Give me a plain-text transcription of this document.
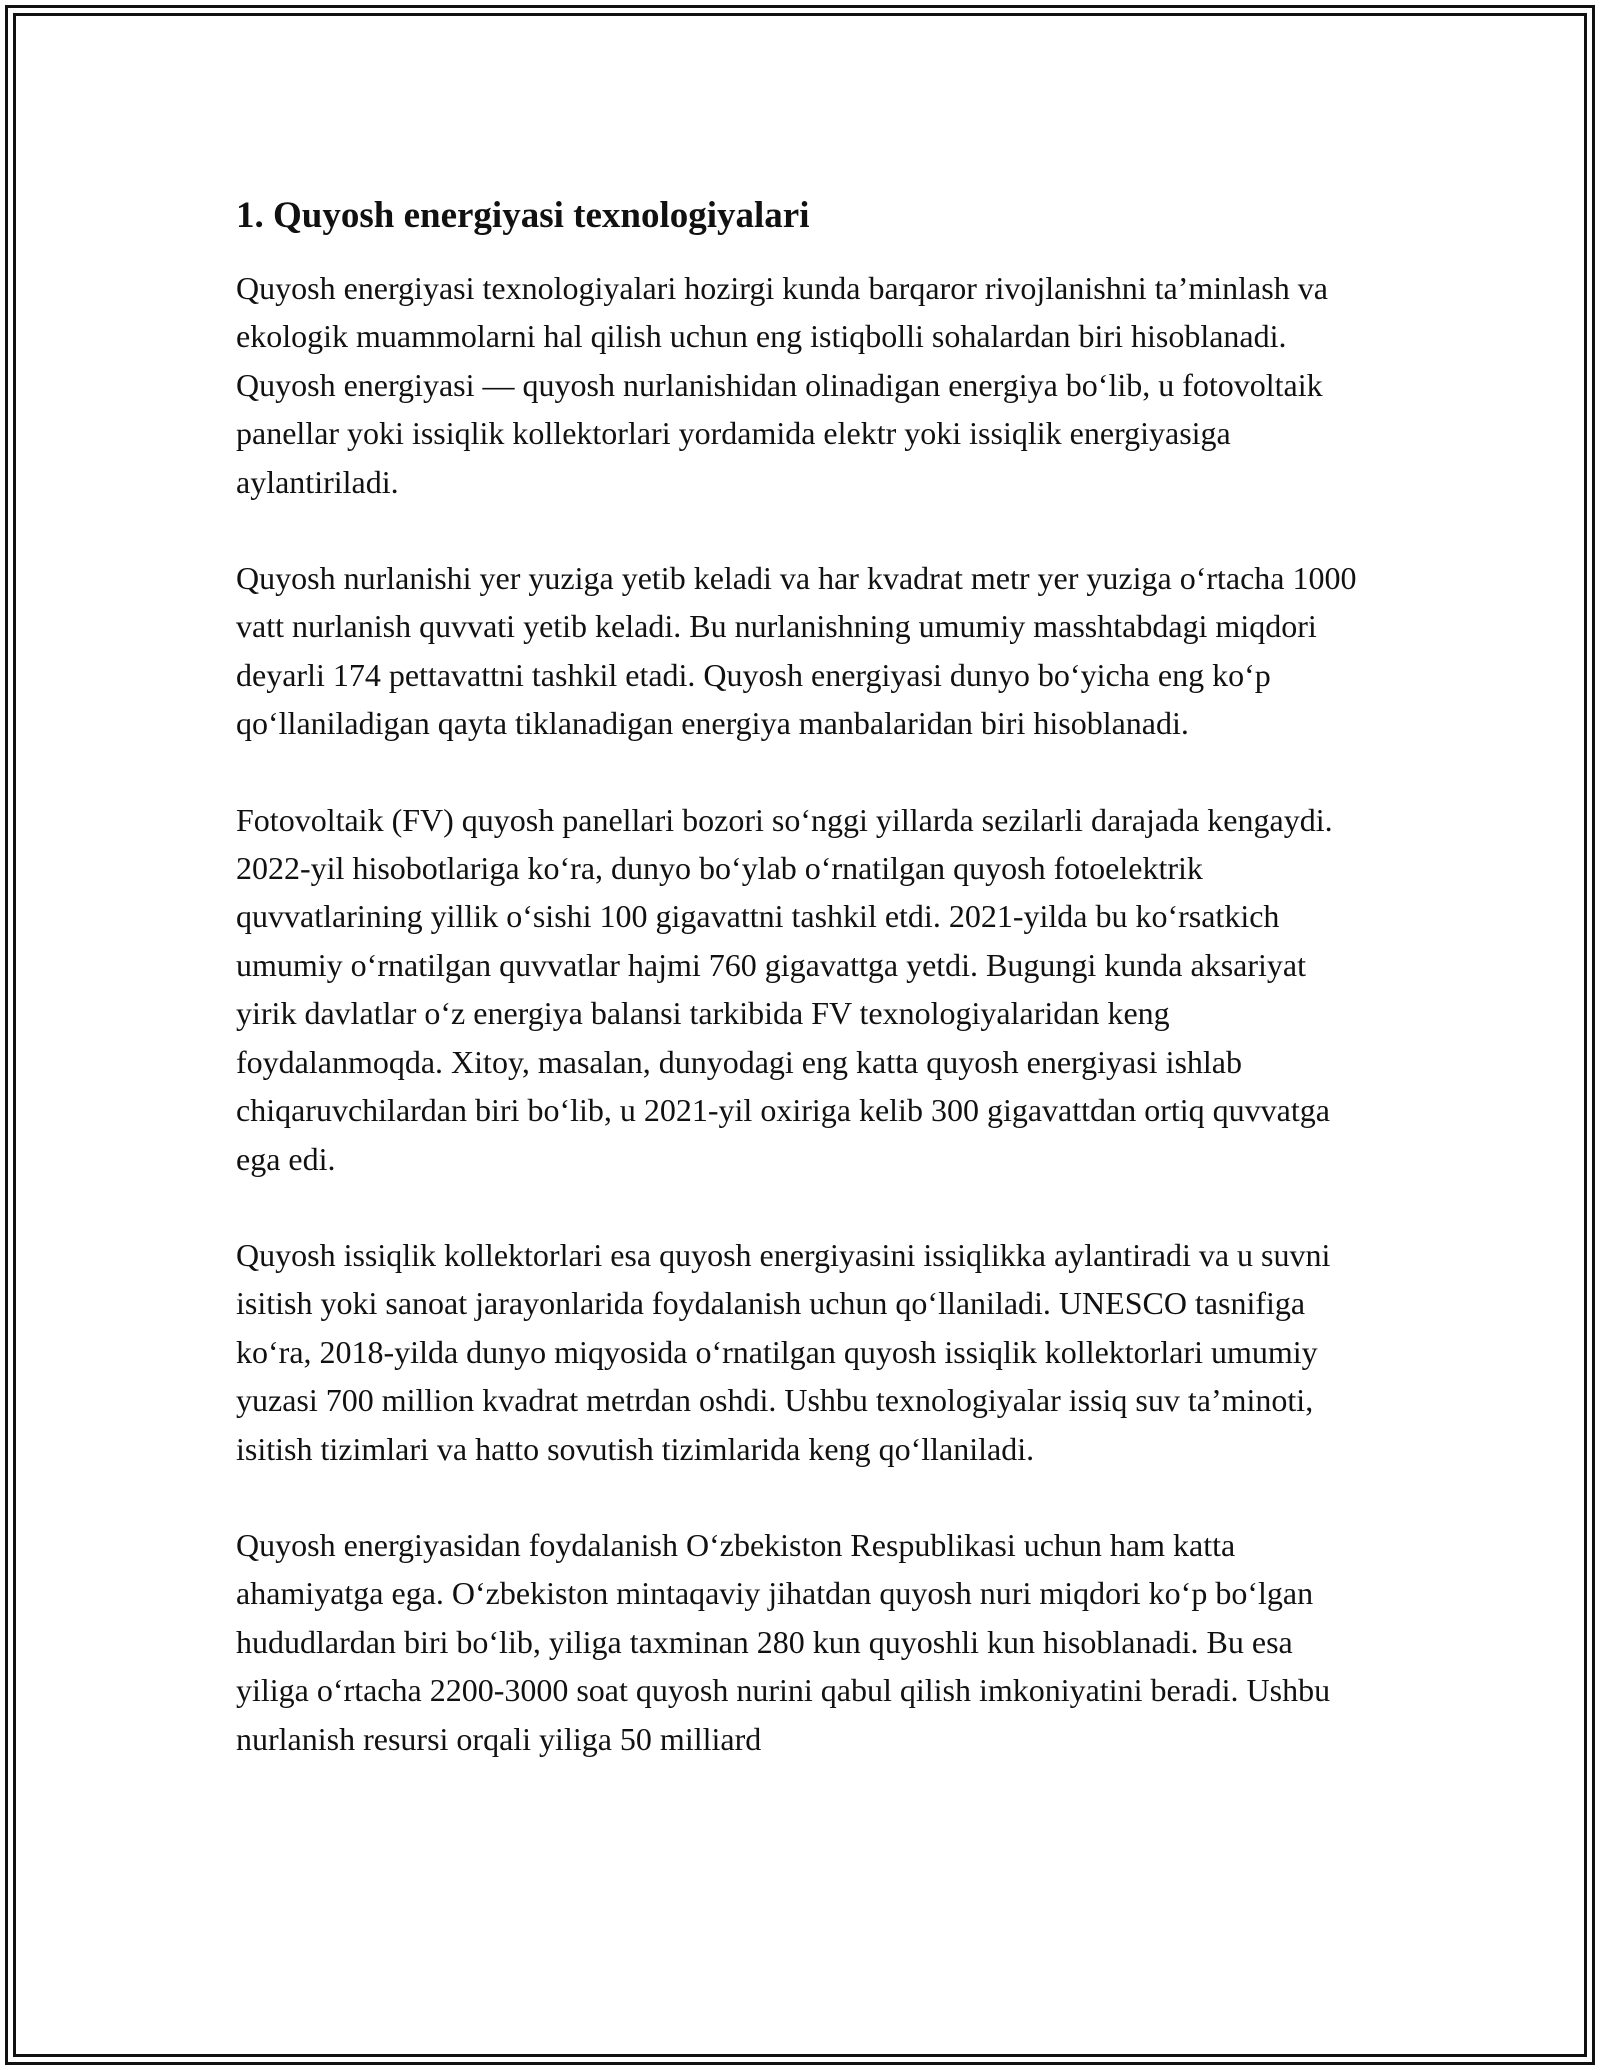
1. Quyosh energiyasi texnologiyalari

Quyosh energiyasi texnologiyalari hozirgi kunda barqaror rivojlanishni ta’minlash va ekologik muammolarni hal qilish uchun eng istiqbolli sohalardan biri hisoblanadi. Quyosh energiyasi — quyosh nurlanishidan olinadigan energiya bo‘lib, u fotovoltaik panellar yoki issiqlik kollektorlari yordamida elektr yoki issiqlik energiyasiga aylantiriladi.

Quyosh nurlanishi yer yuziga yetib keladi va har kvadrat metr yer yuziga o‘rtacha 1000 vatt nurlanish quvvati yetib keladi. Bu nurlanishning umumiy masshtabdagi miqdori deyarli 174 pettavattni tashkil etadi. Quyosh energiyasi dunyo bo‘yicha eng ko‘p qo‘llaniladigan qayta tiklanadigan energiya manbalaridan biri hisoblanadi.

Fotovoltaik (FV) quyosh panellari bozori so‘nggi yillarda sezilarli darajada kengaydi. 2022-yil hisobotlariga ko‘ra, dunyo bo‘ylab o‘rnatilgan quyosh fotoelektrik quvvatlarining yillik o‘sishi 100 gigavattni tashkil etdi. 2021-yilda bu ko‘rsatkich umumiy o‘rnatilgan quvvatlar hajmi 760 gigavattga yetdi. Bugungi kunda aksariyat yirik davlatlar o‘z energiya balansi tarkibida FV texnologiyalaridan keng foydalanmoqda. Xitoy, masalan, dunyodagi eng katta quyosh energiyasi ishlab chiqaruvchilardan biri bo‘lib, u 2021-yil oxiriga kelib 300 gigavattdan ortiq quvvatga ega edi.

Quyosh issiqlik kollektorlari esa quyosh energiyasini issiqlikka aylantiradi va u suvni isitish yoki sanoat jarayonlarida foydalanish uchun qo‘llaniladi. UNESCO tasnifiga ko‘ra, 2018-yilda dunyo miqyosida o‘rnatilgan quyosh issiqlik kollektorlari umumiy yuzasi 700 million kvadrat metrdan oshdi. Ushbu texnologiyalar issiq suv ta’minoti, isitish tizimlari va hatto sovutish tizimlarida keng qo‘llaniladi.

Quyosh energiyasidan foydalanish O‘zbekiston Respublikasi uchun ham katta ahamiyatga ega. O‘zbekiston mintaqaviy jihatdan quyosh nuri miqdori ko‘p bo‘lgan hududlardan biri bo‘lib, yiliga taxminan 280 kun quyoshli kun hisoblanadi. Bu esa yiliga o‘rtacha 2200-3000 soat quyosh nurini qabul qilish imkoniyatini beradi. Ushbu nurlanish resursi orqali yiliga 50 milliard
